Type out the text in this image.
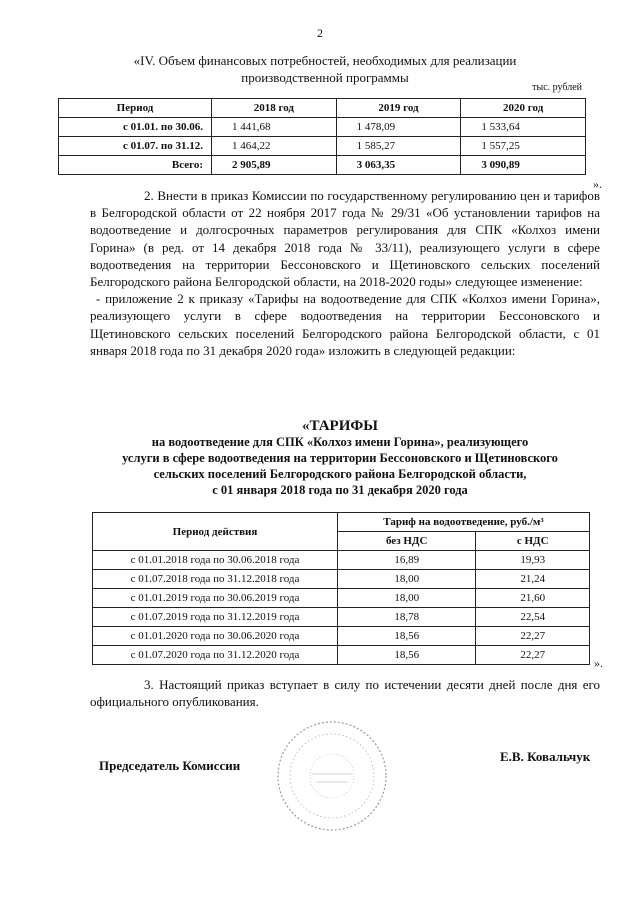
2
«IV. Объем финансовых потребностей, необходимых для реализации производственной программы
тыс. рублей
Период	2018 год	2019 год	2020 год
с 01.01. по 30.06.	1 441,68	1 478,09	1 533,64
с 01.07. по 31.12.	1 464,22	1 585,27	1 557,25
Всего:	2 905,89	3 063,35	3 090,89
».
2. Внести в приказ Комиссии по государственному регулированию цен и тарифов в Белгородской области от 22 ноября 2017 года № 29/31 «Об установлении тарифов на водоотведение и долгосрочных параметров регулирования для СПК «Колхоз имени Горина» (в ред. от 14 декабря 2018 года № 33/11), реализующего услуги в сфере водоотведения на территории Бессоновского и Щетиновского сельских поселений Белгородского района Белгородской области, на 2018-2020 годы» следующее изменение:
- приложение 2 к приказу «Тарифы на водоотведение для СПК «Колхоз имени Горина», реализующего услуги в сфере водоотведения на территории Бессоновского и Щетиновского сельских поселений Белгородского района Белгородской области, с 01 января 2018 года по 31 декабря 2020 года» изложить в следующей редакции:
«ТАРИФЫ
на водоотведение для СПК «Колхоз имени Горина», реализующего
услуги в сфере водоотведения на территории Бессоновского и Щетиновского
сельских поселений Белгородского района Белгородской области,
с 01 января 2018 года по 31 декабря 2020 года
Период действия	Тариф на водоотведение, руб./м³	
	без НДС	с НДС
с 01.01.2018 года по 30.06.2018 года	16,89	19,93
с 01.07.2018 года по 31.12.2018 года	18,00	21,24
с 01.01.2019 года по 30.06.2019 года	18,00	21,60
с 01.07.2019 года по 31.12.2019 года	18,78	22,54
с 01.01.2020 года по 30.06.2020 года	18,56	22,27
с 01.07.2020 года по 31.12.2020 года	18,56	22,27
».
3. Настоящий приказ вступает в силу по истечении десяти дней после дня его официального опубликования.
Председатель Комиссии
Е.В. Ковальчук
